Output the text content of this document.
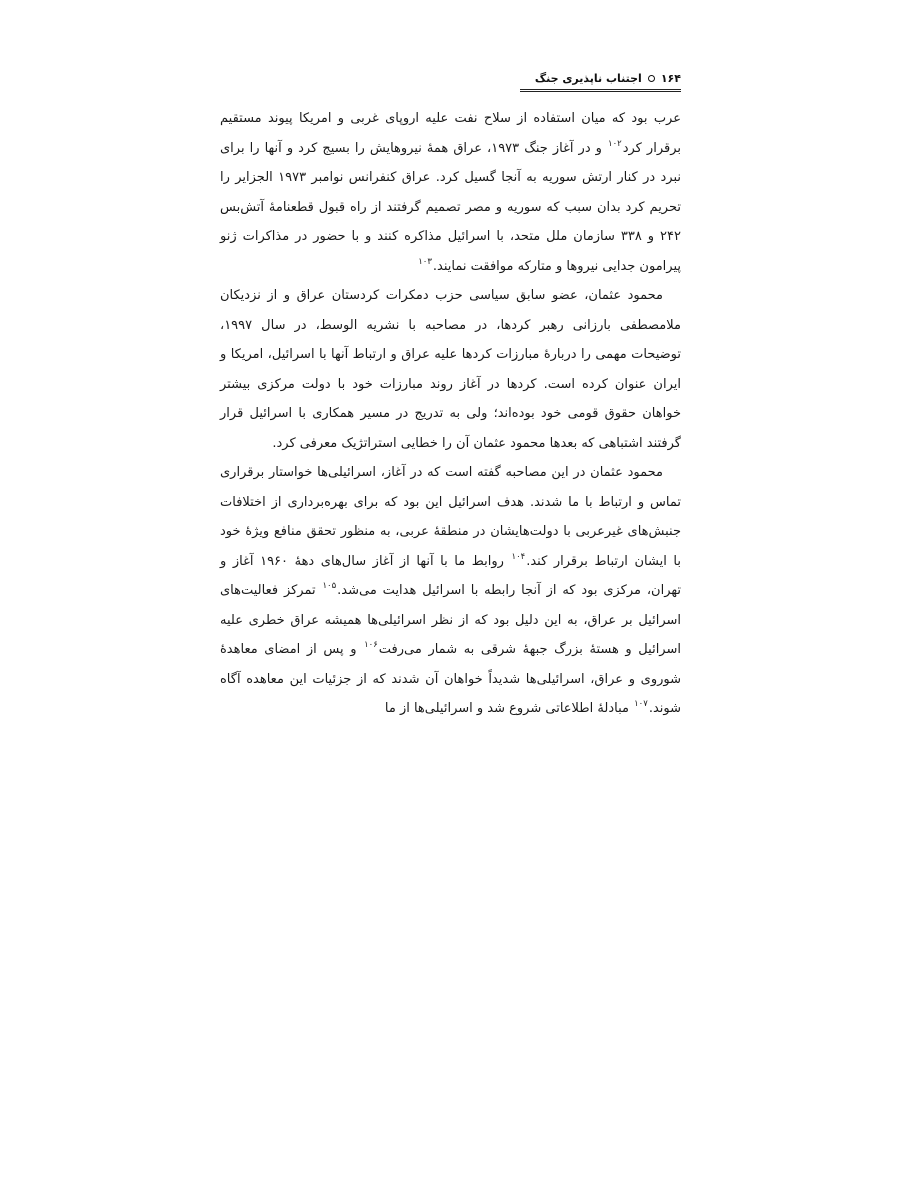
۱۶۴
اجتناب ناپذیری جنگ

عرب بود که میان استفاده از سلاح نفت علیه اروپای غربی و امریکا پیوند مستقیم برقرار کرد$^{۱۰۲}$ و در آغاز جنگ ۱۹۷۳، عراق همهٔ نیروهایش را بسیج کرد و آنها را برای نبرد در کنار ارتش سوریه به آنجا گسیل کرد. عراق کنفرانس نوامبر ۱۹۷۳ الجزایر را تحریم کرد بدان سبب که سوریه و مصر تصمیم گرفتند از راه قبول قطعنامهٔ آتش‌بس ۲۴۲ و ۳۳۸ سازمان ملل متحد، با اسرائیل مذاکره کنند و با حضور در مذاکرات ژنو پیرامون جدایی نیروها و متارکه موافقت نمایند.$^{۱۰۳}$

محمود عثمان، عضو سابق سیاسی حزب دمکرات کردستان عراق و از نزدیکان ملامصطفی بارزانی رهبر کردها، در مصاحبه با نشریه الوسط، در سال ۱۹۹۷، توضیحات مهمی را دربارهٔ مبارزات کردها علیه عراق و ارتباط آنها با اسرائیل، امریکا و ایران عنوان کرده است. کردها در آغاز روند مبارزات خود با دولت مرکزی بیشتر خواهان حقوق قومی خود بوده‌اند؛ ولی به تدریج در مسیر همکاری با اسرائیل قرار گرفتند اشتباهی که بعدها محمود عثمان آن را خطایی استراتژیک معرفی کرد.

محمود عثمان در این مصاحبه گفته است که در آغاز، اسرائیلی‌ها خواستار برقراری تماس و ارتباط با ما شدند. هدف اسرائیل این بود که برای بهره‌برداری از اختلافات جنبش‌های غیرعربی با دولت‌هایشان در منطقهٔ عربی، به منظور تحقق منافع ویژهٔ خود با ایشان ارتباط برقرار کند.$^{۱۰۴}$ روابط ما با آنها از آغاز سال‌های دههٔ ۱۹۶۰ آغاز و تهران، مرکزی بود که از آنجا رابطه با اسرائیل هدایت می‌شد.$^{۱۰۵}$ تمرکز فعالیت‌های اسرائیل بر عراق، به این دلیل بود که از نظر اسرائیلی‌ها همیشه عراق خطری علیه اسرائیل و هستهٔ بزرگ جبههٔ شرقی به شمار می‌رفت$^{۱۰۶}$ و پس از امضای معاهدهٔ شوروی و عراق، اسرائیلی‌ها شدیداً خواهان آن شدند که از جزئیات این معاهده آگاه شوند.$^{۱۰۷}$ مبادلهٔ اطلاعاتی شروع شد و اسرائیلی‌ها از ما
